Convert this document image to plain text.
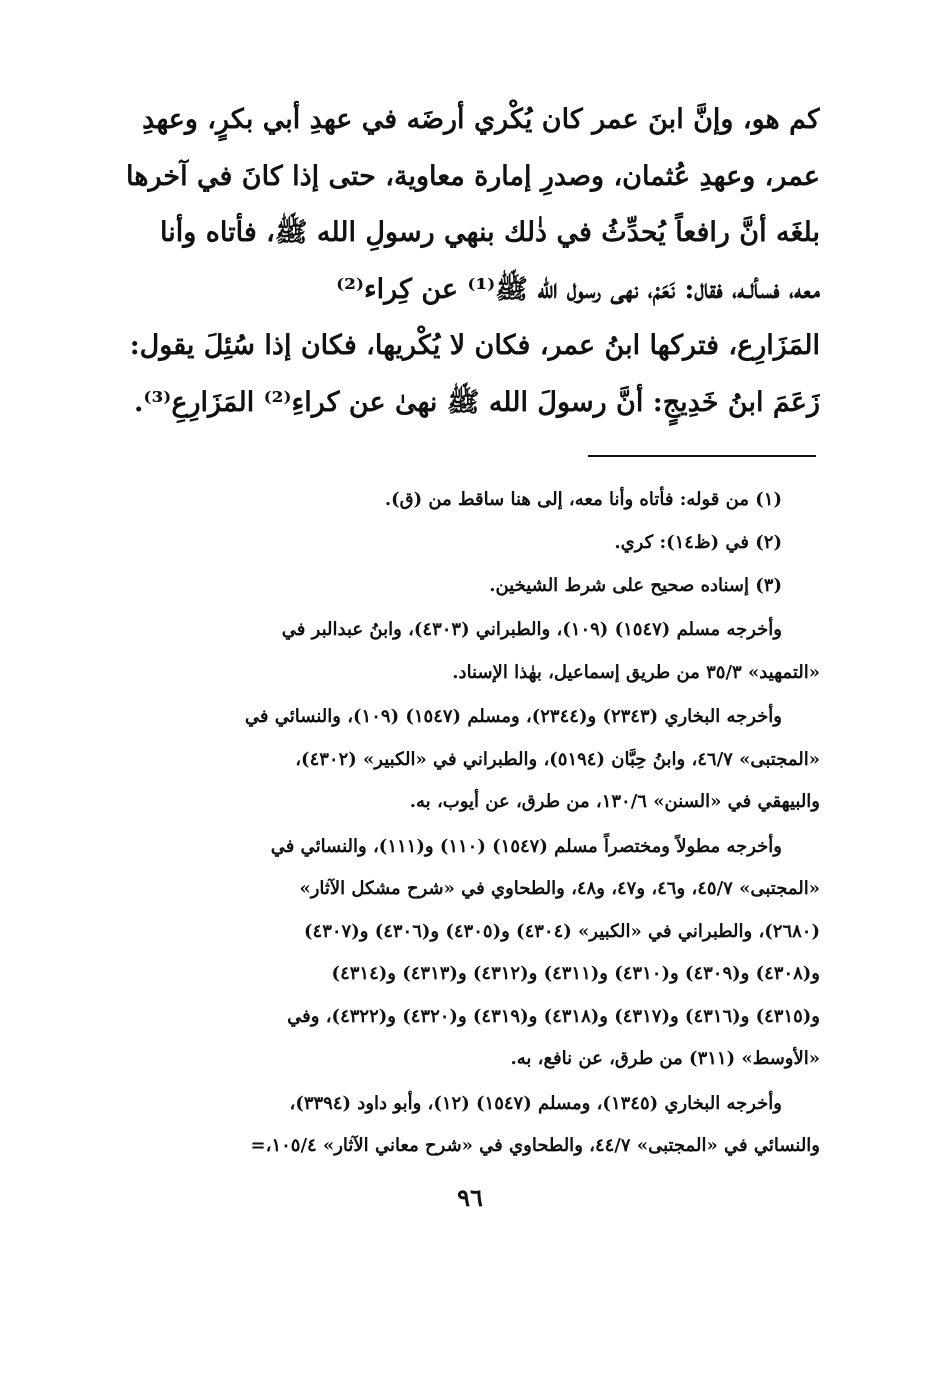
كم هو، وإنَّ ابنَ عمر كان يُكْري أرضَه في عهدِ أبي بكرٍ، وعهدِ
عمر، وعهدِ عُثمان، وصدرِ إمارة معاوية، حتى إذا كانَ في آخرها
بلغَه أنَّ رافعاً يُحدِّثُ في ذٰلك بنهي رسولِ الله ﷺ، فأتاه وأنا
معه، فسألـه، فقال: نَعَمْ، نهى رسول الله ﷺ⁽¹⁾ عن كِراء⁽²⁾
المَزَارِع، فتركها ابنُ عمر، فكان لا يُكْريها، فكان إذا سُئِلَ يقول:
زَعَمَ ابنُ خَدِيجٍ: أنَّ رسولَ الله ﷺ نهىٰ عن كراءِ⁽²⁾ المَزَارِعِ⁽³⁾.
(١) من قوله: فأتاه وأنا معه، إلى هنا ساقط من (ق).
(٢) في (ظ١٤): كري.
(٣) إسناده صحيح على شرط الشيخين.
وأخرجه مسلم (١٥٤٧) (١٠٩)، والطبراني (٤٣٠٣)، وابنُ عبدالبر في
«التمهيد» ٣٥/٣ من طريق إسماعيل، بهٰذا الإسناد.
وأخرجه البخاري (٢٣٤٣) و(٢٣٤٤)، ومسلم (١٥٤٧) (١٠٩)، والنسائي في
«المجتبى» ٤٦/٧، وابنُ حِبَّان (٥١٩٤)، والطبراني في «الكبير» (٤٣٠٢)،
والبيهقي في «السنن» ١٣٠/٦، من طرق، عن أيوب، به.
وأخرجه مطولاً ومختصراً مسلم (١٥٤٧) (١١٠) و(١١١)، والنسائي في
«المجتبى» ٤٥/٧، و٤٦، و٤٧، و٤٨، والطحاوي في «شرح مشكل الآثار»
(٢٦٨٠)، والطبراني في «الكبير» (٤٣٠٤) و(٤٣٠٥) و(٤٣٠٦) و(٤٣٠٧)
و(٤٣٠٨) و(٤٣٠٩) و(٤٣١٠) و(٤٣١١) و(٤٣١٢) و(٤٣١٣) و(٤٣١٤)
و(٤٣١٥) و(٤٣١٦) و(٤٣١٧) و(٤٣١٨) و(٤٣١٩) و(٤٣٢٠) و(٤٣٢٢)، وفي
«الأوسط» (٣١١) من طرق، عن نافع، به.
وأخرجه البخاري (١٣٤٥)، ومسلم (١٥٤٧) (١٢)، وأبو داود (٣٣٩٤)،
والنسائي في «المجتبى» ٤٤/٧، والطحاوي في «شرح معاني الآثار» ١٠٥/٤،=
٩٦
